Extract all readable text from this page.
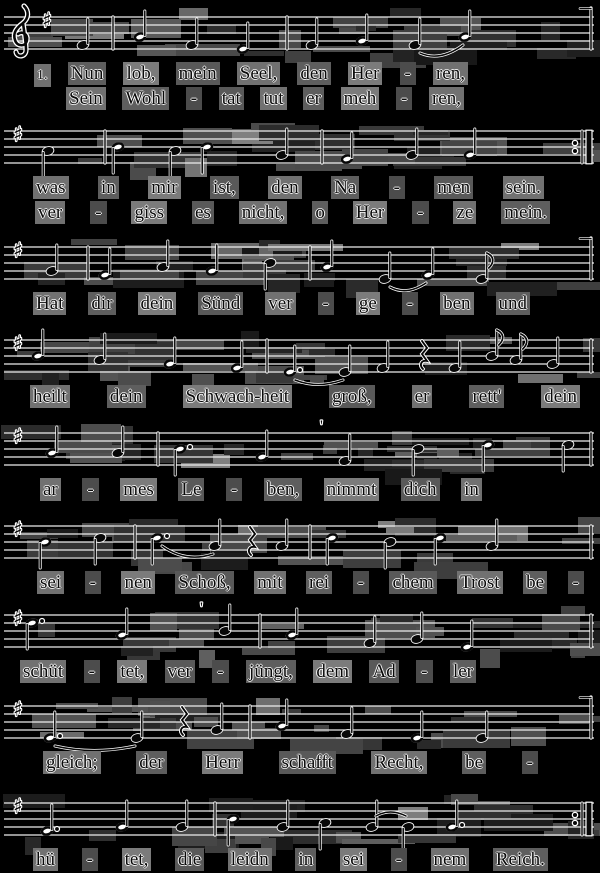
♯
1. Nun lob, mein Seel, den Her - ren,
Sein Wohl - tat tut er meh - ren,
♯
was in mir ist, den Na - men sein.
ver - giss es nicht, o Her - ze mein.
♯
Hat dir dein Sünd ver - ge - ben und
♯
heilt dein Schwach-heit groß, er rett' dein
♯	'
ar - mes Le - ben, nimmt dich in
♯
sei - nen Schoß, mit rei - chem Trost be -
♯	'
schüt - tet, ver - jüngt, dem Ad - ler
♯
gleich; der Herr schafft Recht, be -
♯
hü - tet, die leidn in sei - nem Reich.
